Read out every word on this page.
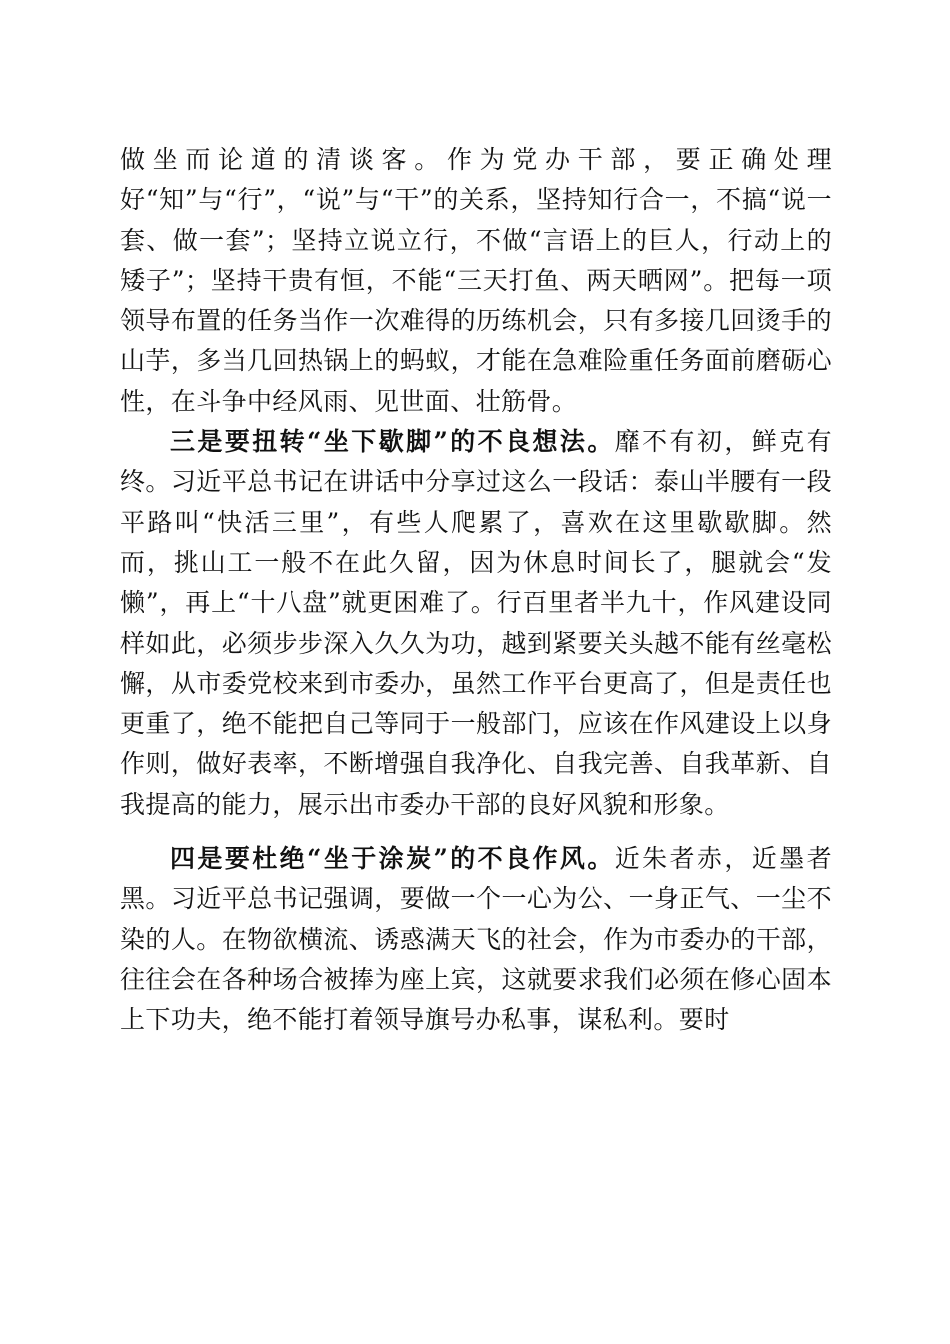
做坐而论道的清谈客。作为党办干部，要正确处理好“知”与“行”，“说”与“干”的关系，坚持知行合一，不搞“说一套、做一套”；坚持立说立行，不做“言语上的巨人，行动上的矮子”；坚持干贵有恒，不能“三天打鱼、两天晒网”。把每一项领导布置的任务当作一次难得的历练机会，只有多接几回烫手的山芋，多当几回热锅上的蚂蚁，才能在急难险重任务面前磨砺心性，在斗争中经风雨、见世面、壮筋骨。

三是要扭转“坐下歇脚”的不良想法。靡不有初，鲜克有终。习近平总书记在讲话中分享过这么一段话：泰山半腰有一段平路叫“快活三里”，有些人爬累了，喜欢在这里歇歇脚。然而，挑山工一般不在此久留，因为休息时间长了，腿就会“发懒”，再上“十八盘”就更困难了。行百里者半九十，作风建设同样如此，必须步步深入久久为功，越到紧要关头越不能有丝毫松懈，从市委党校来到市委办，虽然工作平台更高了，但是责任也更重了，绝不能把自己等同于一般部门，应该在作风建设上以身作则，做好表率，不断增强自我净化、自我完善、自我革新、自我提高的能力，展示出市委办干部的良好风貌和形象。

四是要杜绝“坐于涂炭”的不良作风。近朱者赤，近墨者黑。习近平总书记强调，要做一个一心为公、一身正气、一尘不染的人。在物欲横流、诱惑满天飞的社会，作为市委办的干部，往往会在各种场合被捧为座上宾，这就要求我们必须在修心固本上下功夫，绝不能打着领导旗号办私事，谋私利。要时
